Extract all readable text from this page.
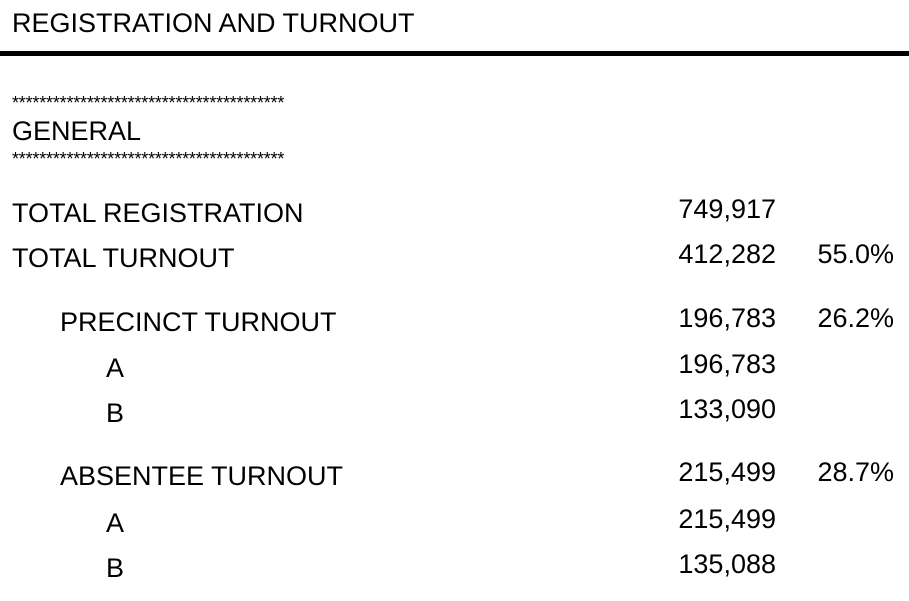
REGISTRATION AND TURNOUT
****************************************
GENERAL
****************************************
TOTAL REGISTRATION	749,917
TOTAL TURNOUT	412,282	55.0%
PRECINCT TURNOUT	196,783	26.2%
A	196,783
B	133,090
ABSENTEE TURNOUT	215,499	28.7%
A	215,499
B	135,088
